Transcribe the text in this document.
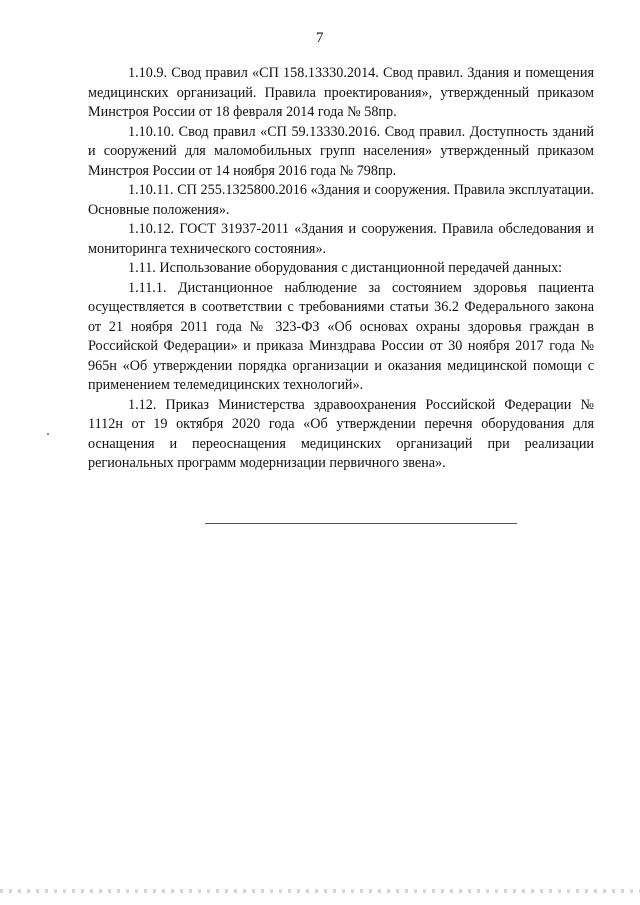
7

1.10.9. Свод правил «СП 158.13330.2014. Свод правил. Здания и помещения медицинских организаций. Правила проектирования», утвержденный приказом Минстроя России от 18 февраля 2014 года № 58пр.

1.10.10. Свод правил «СП 59.13330.2016. Свод правил. Доступность зданий и сооружений для маломобильных групп населения» утвержденный приказом Минстроя России от 14 ноября 2016 года № 798пр.

1.10.11. СП 255.1325800.2016 «Здания и сооружения. Правила эксплуатации. Основные положения».

1.10.12. ГОСТ 31937-2011 «Здания и сооружения. Правила обследования и мониторинга технического состояния».

1.11. Использование оборудования с дистанционной передачей данных:

1.11.1. Дистанционное наблюдение за состоянием здоровья пациента осуществляется в соответствии с требованиями статьи 36.2 Федерального закона от 21 ноября 2011 года № 323-ФЗ «Об основах охраны здоровья граждан в Российской Федерации» и приказа Минздрава России от 30 ноября 2017 года № 965н «Об утверждении порядка организации и оказания медицинской помощи с применением телемедицинских технологий».

1.12. Приказ Министерства здравоохранения Российской Федерации № 1112н от 19 октября 2020 года «Об утверждении перечня оборудования для оснащения и переоснащения медицинских организаций при реализации региональных программ модернизации первичного звена».
